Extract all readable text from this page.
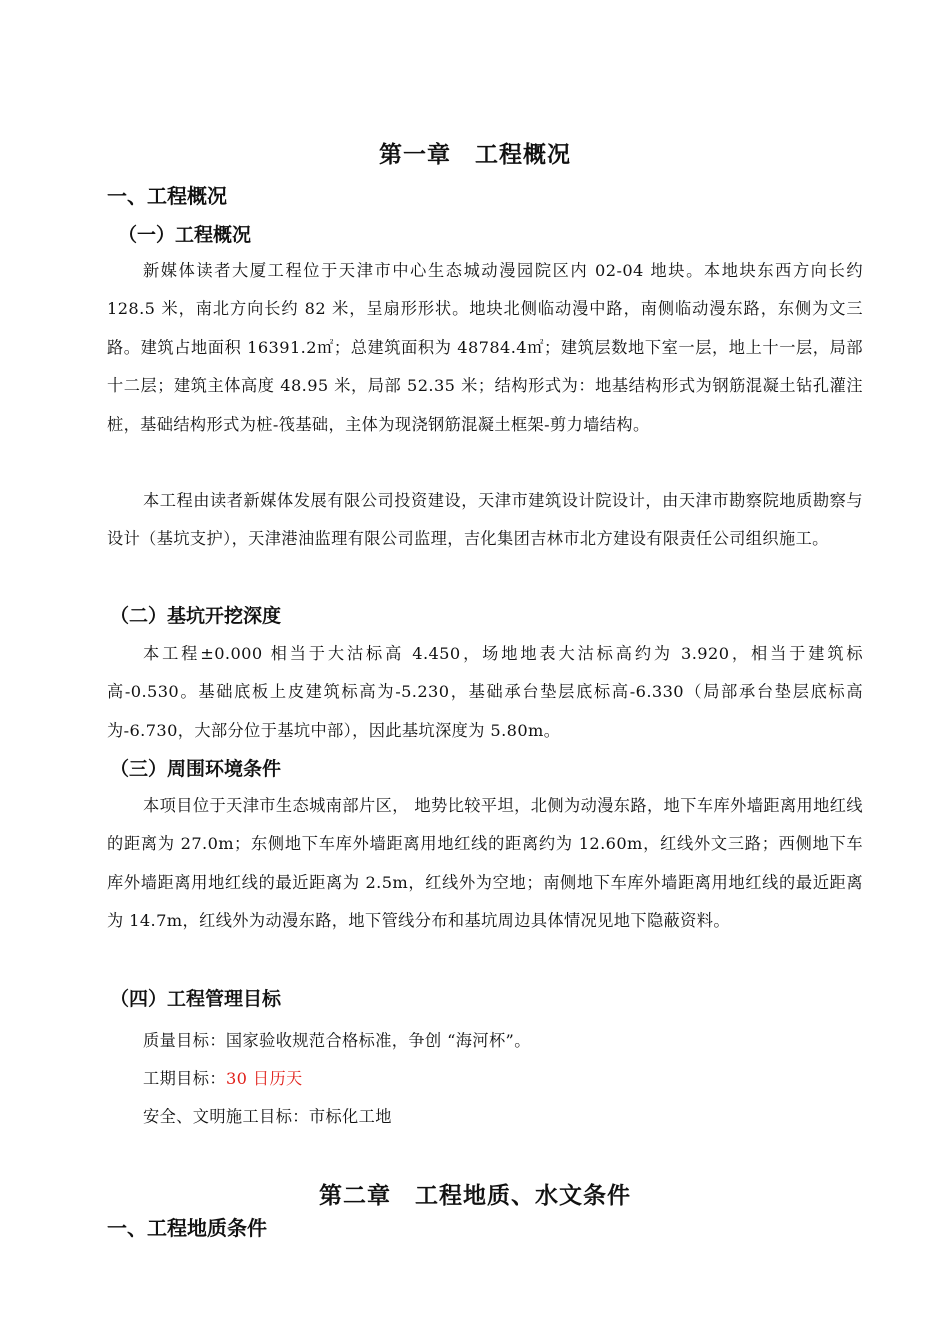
第一章　工程概况
一、工程概况
（一）工程概况

新媒体读者大厦工程位于天津市中心生态城动漫园院区内 02-04 地块。本地块东西方向长约 128.5 米，南北方向长约 82 米，呈扇形形状。地块北侧临动漫中路，南侧临动漫东路，东侧为文三路。建筑占地面积 16391.2㎡；总建筑面积为 48784.4㎡；建筑层数地下室一层，地上十一层，局部十二层；建筑主体高度 48.95 米，局部 52.35 米；结构形式为：地基结构形式为钢筋混凝土钻孔灌注桩，基础结构形式为桩-筏基础，主体为现浇钢筋混凝土框架-剪力墙结构。

本工程由读者新媒体发展有限公司投资建设，天津市建筑设计院设计，由天津市勘察院地质勘察与设计（基坑支护），天津港油监理有限公司监理，吉化集团吉林市北方建设有限责任公司组织施工。

（二）基坑开挖深度

本工程±0.000 相当于大沽标高 4.450，场地地表大沽标高约为 3.920，相当于建筑标高-0.530。基础底板上皮建筑标高为-5.230，基础承台垫层底标高-6.330（局部承台垫层底标高为-6.730，大部分位于基坑中部），因此基坑深度为 5.80m。

（三）周围环境条件

本项目位于天津市生态城南部片区， 地势比较平坦，北侧为动漫东路，地下车库外墙距离用地红线的距离为 27.0m；东侧地下车库外墙距离用地红线的距离约为 12.60m，红线外文三路；西侧地下车库外墙距离用地红线的最近距离为 2.5m，红线外为空地；南侧地下车库外墙距离用地红线的最近距离为 14.7m，红线外为动漫东路，地下管线分布和基坑周边具体情况见地下隐蔽资料。

（四）工程管理目标
质量目标：国家验收规范合格标准，争创 “海河杯”。
工期目标：30 日历天
安全、文明施工目标：市标化工地
第二章　工程地质、水文条件
一、工程地质条件
